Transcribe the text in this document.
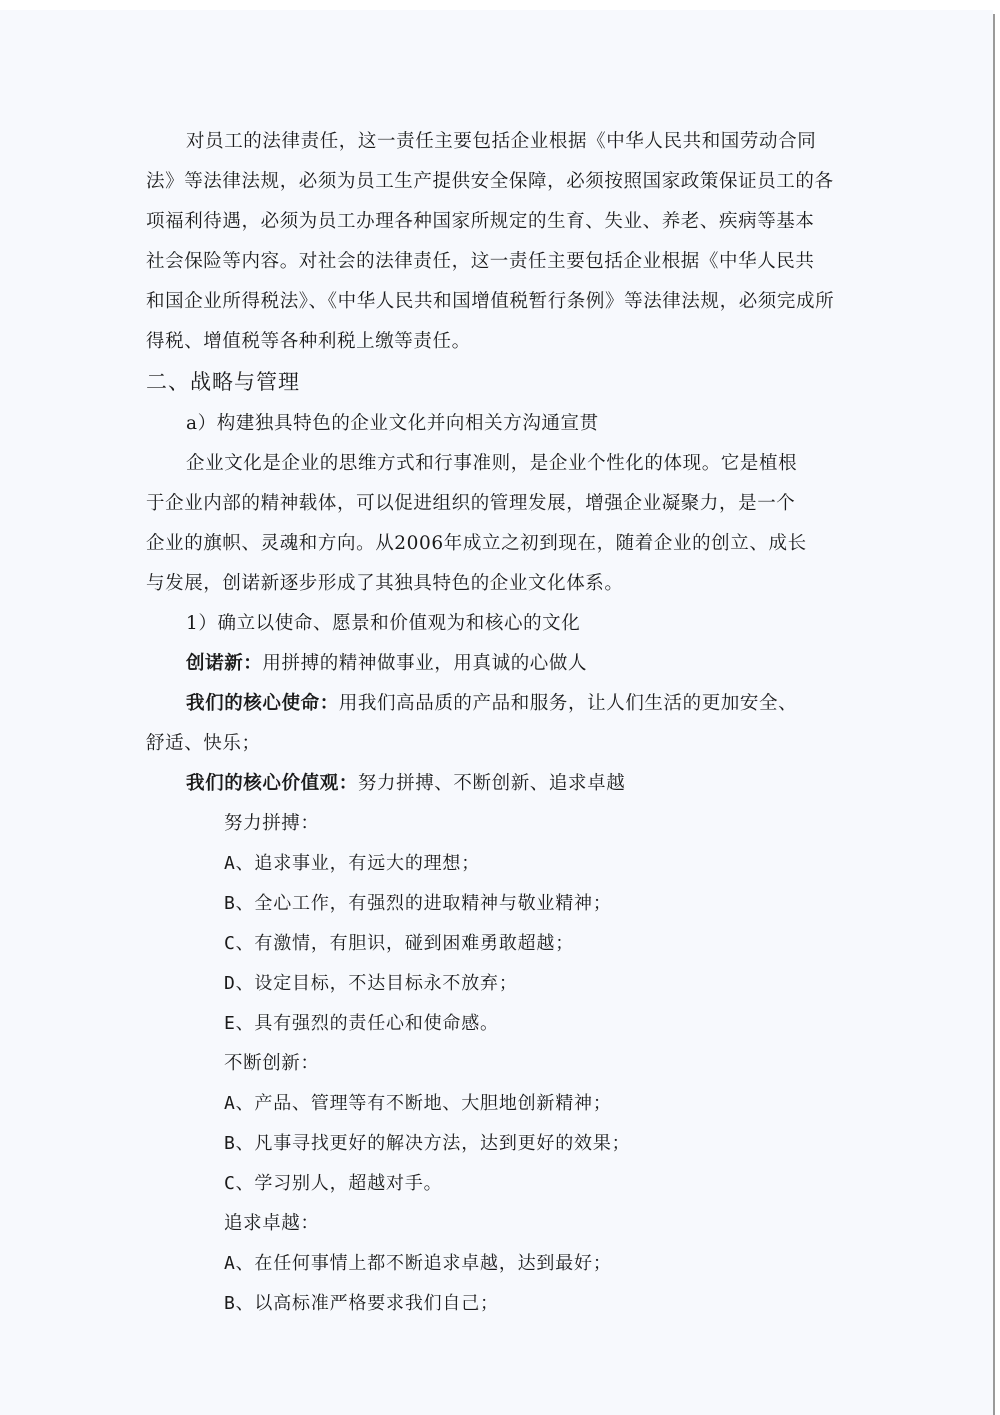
对员工的法律责任，这一责任主要包括企业根据《中华人民共和国劳动合同
法》等法律法规，必须为员工生产提供安全保障，必须按照国家政策保证员工的各
项福利待遇，必须为员工办理各种国家所规定的生育、失业、养老、疾病等基本
社会保险等内容。对社会的法律责任，这一责任主要包括企业根据《中华人民共
和国企业所得税法》、《中华人民共和国增值税暂行条例》等法律法规，必须完成所
得税、增值税等各种利税上缴等责任。
二、战略与管理
a）构建独具特色的企业文化并向相关方沟通宣贯
企业文化是企业的思维方式和行事准则，是企业个性化的体现。它是植根
于企业内部的精神载体，可以促进组织的管理发展，增强企业凝聚力，是一个
企业的旗帜、灵魂和方向。从2006年成立之初到现在，随着企业的创立、成长
与发展，创诺新逐步形成了其独具特色的企业文化体系。
1）确立以使命、愿景和价值观为和核心的文化
创诺新：用拼搏的精神做事业，用真诚的心做人
我们的核心使命：用我们高品质的产品和服务，让人们生活的更加安全、
舒适、快乐；
我们的核心价值观：努力拼搏、不断创新、追求卓越
努力拼搏：
A、追求事业，有远大的理想；
B、全心工作，有强烈的进取精神与敬业精神；
C、有激情，有胆识，碰到困难勇敢超越；
D、设定目标，不达目标永不放弃；
E、具有强烈的责任心和使命感。
不断创新：
A、产品、管理等有不断地、大胆地创新精神；
B、凡事寻找更好的解决方法，达到更好的效果；
C、学习别人，超越对手。
追求卓越：
A、在任何事情上都不断追求卓越，达到最好；
B、以高标准严格要求我们自己；
